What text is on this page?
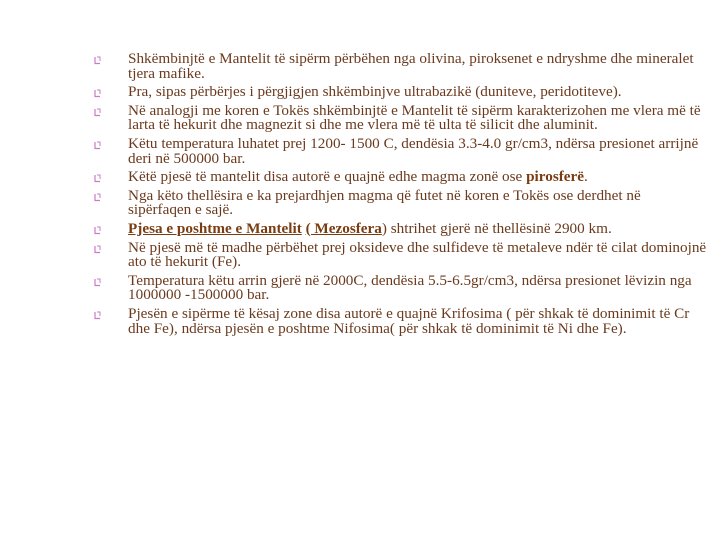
Shkëmbinjtë e Mantelit të sipërm përbëhen nga olivina, piroksenet e ndryshme dhe mineralet tjera mafike.
Pra, sipas përbërjes i përgjigjen shkëmbinjve ultrabazikë (duniteve, peridotiteve).
Në analogji me koren e Tokës shkëmbinjtë e Mantelit të sipërm karakterizohen me vlera më të larta të hekurit dhe magnezit si dhe me vlera më të ulta të silicit dhe aluminit.
Këtu temperatura luhatet prej 1200- 1500 C, dendësia 3.3-4.0 gr/cm3, ndërsa presionet arrijnë deri në 500000 bar.
Këtë pjesë të mantelit disa autorë e quajnë edhe magma zonë ose pirosferë.
Nga këto thellësira e ka prejardhjen magma që futet në koren e Tokës ose derdhet në sipërfaqen e sajë.
Pjesa e poshtme e Mantelit ( Mezosfera) shtrihet gjerë në thellësinë 2900 km.
Në pjesë më të madhe përbëhet prej oksideve dhe sulfideve të metaleve ndër të cilat dominojnë ato të hekurit (Fe).
Temperatura këtu arrin gjerë në 2000C, dendësia 5.5-6.5gr/cm3, ndërsa presionet lëvizin nga 1000000 -1500000 bar.
Pjesën e sipërme të kësaj zone disa autorë e quajnë Krifosima ( për shkak të dominimit të Cr dhe Fe), ndërsa pjesën e poshtme Nifosima( për shkak të dominimit të Ni dhe Fe).
